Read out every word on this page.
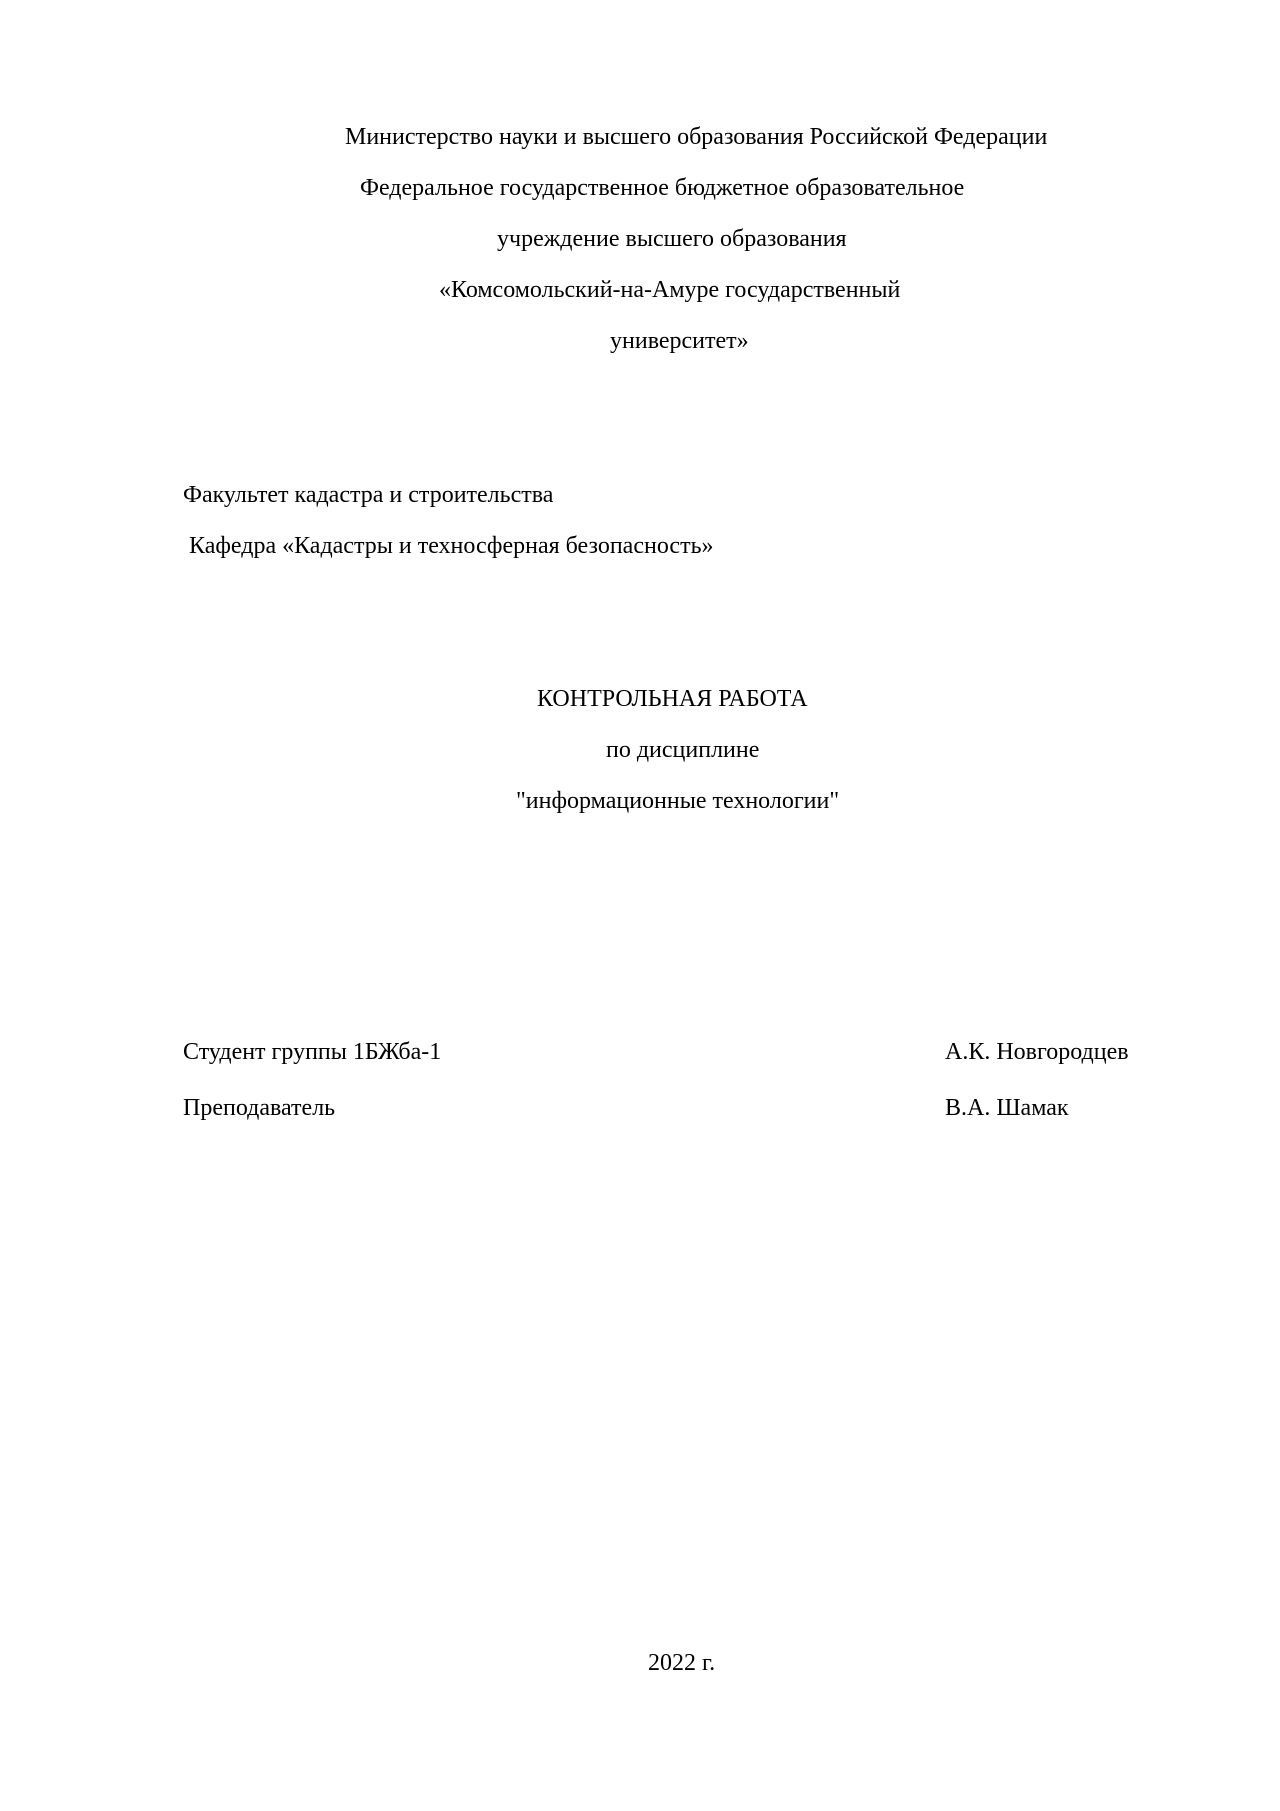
Министерство науки и высшего образования Российской Федерации
Федеральное государственное бюджетное образовательное
учреждение высшего образования
«Комсомольский-на-Амуре государственный
университет»
Факультет кадастра и строительства
Кафедра «Кадастры и техносферная безопасность»
КОНТРОЛЬНАЯ РАБОТА
по дисциплине
"информационные технологии"
Студент группы 1БЖба-1	А.К. Новгородцев
Преподаватель	В.А. Шамак
2022 г.
